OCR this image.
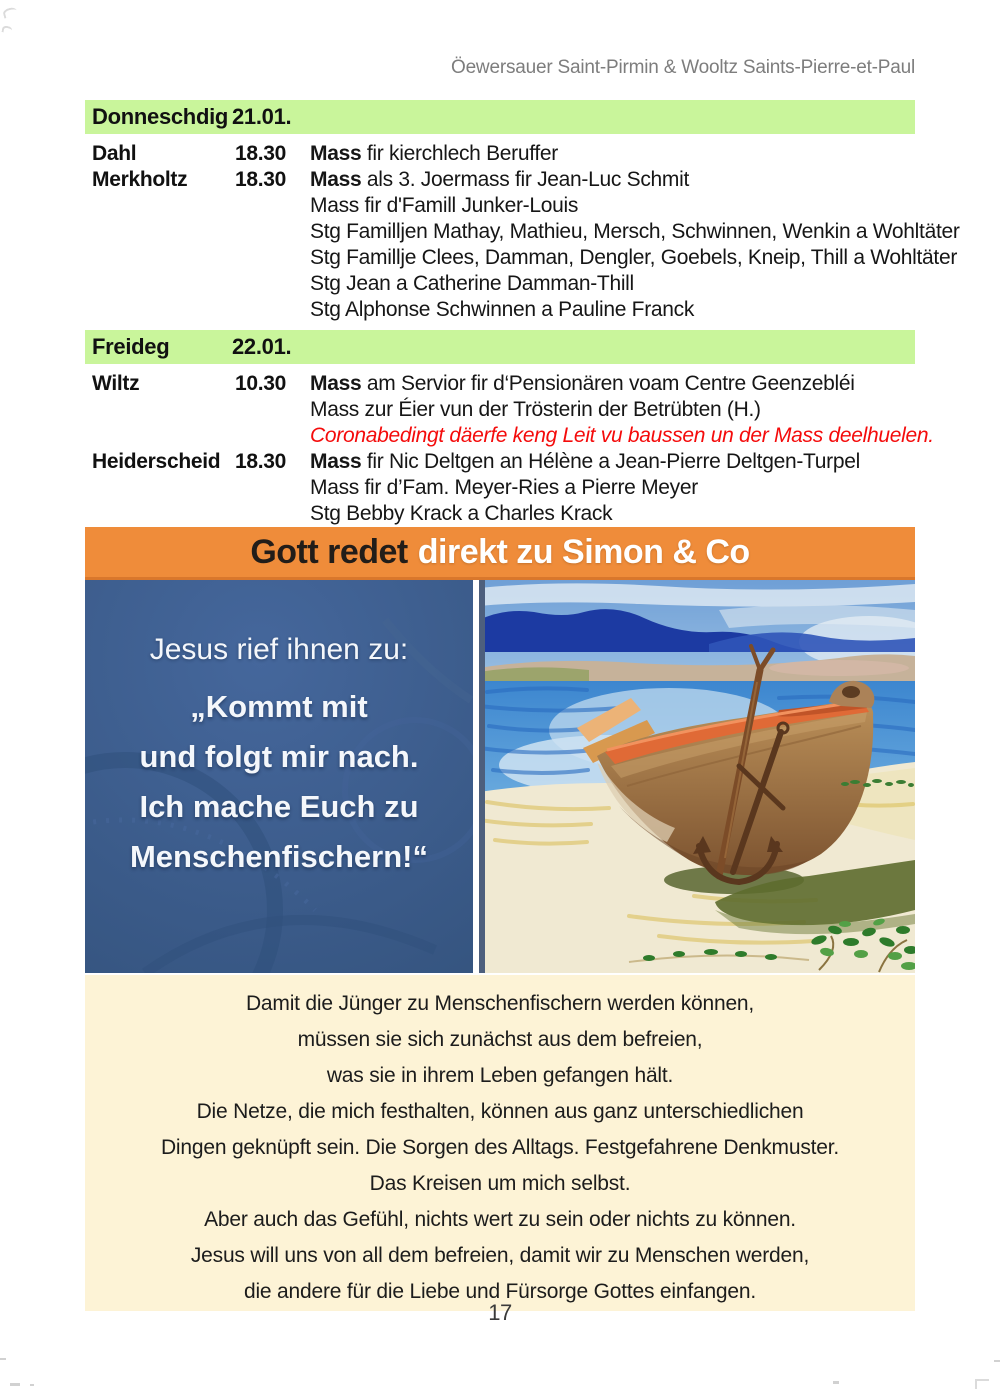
Öewersauer Saint-Pirmin & Wooltz Saints-Pierre-et-Paul
Donneschdig 21.01.
Dahl	18.30	Mass fir kierchlech Beruffer
Merkholtz	18.30	Mass als 3. Joermass fir Jean-Luc Schmit
Mass fir d'Famill Junker-Louis
Stg Familljen Mathay, Mathieu, Mersch, Schwinnen, Wenkin a Wohltäter
Stg Famillje Clees, Damman, Dengler, Goebels, Kneip, Thill a Wohltäter
Stg Jean a Catherine Damman-Thill
Stg Alphonse Schwinnen a Pauline Franck
Freideg	22.01.
Wiltz	10.30	Mass am Servior fir d‘Pensionären voam Centre Geenzebléi
Mass zur Éier vun der Trösterin der Betrübten (H.)
Coronabedingt däerfe keng Leit vu baussen un der Mass deelhuelen.
Heiderscheid 18.30	Mass fir Nic Deltgen an Hélène a Jean-Pierre Deltgen-Turpel
Mass fir d’Fam. Meyer-Ries a Pierre Meyer
Stg Bebby Krack a Charles Krack
Gott redet direkt zu Simon & Co
Jesus rief ihnen zu:
„Kommt mit
und folgt mir nach.
Ich mache Euch zu
Menschenfischern!“
Damit die Jünger zu Menschenfischern werden können,
müssen sie sich zunächst aus dem befreien,
was sie in ihrem Leben gefangen hält.
Die Netze, die mich festhalten, können aus ganz unterschiedlichen
Dingen geknüpft sein. Die Sorgen des Alltags. Festgefahrene Denkmuster.
Das Kreisen um mich selbst.
Aber auch das Gefühl, nichts wert zu sein oder nichts zu können.
Jesus will uns von all dem befreien, damit wir zu Menschen werden,
die andere für die Liebe und Fürsorge Gottes einfangen.
17
